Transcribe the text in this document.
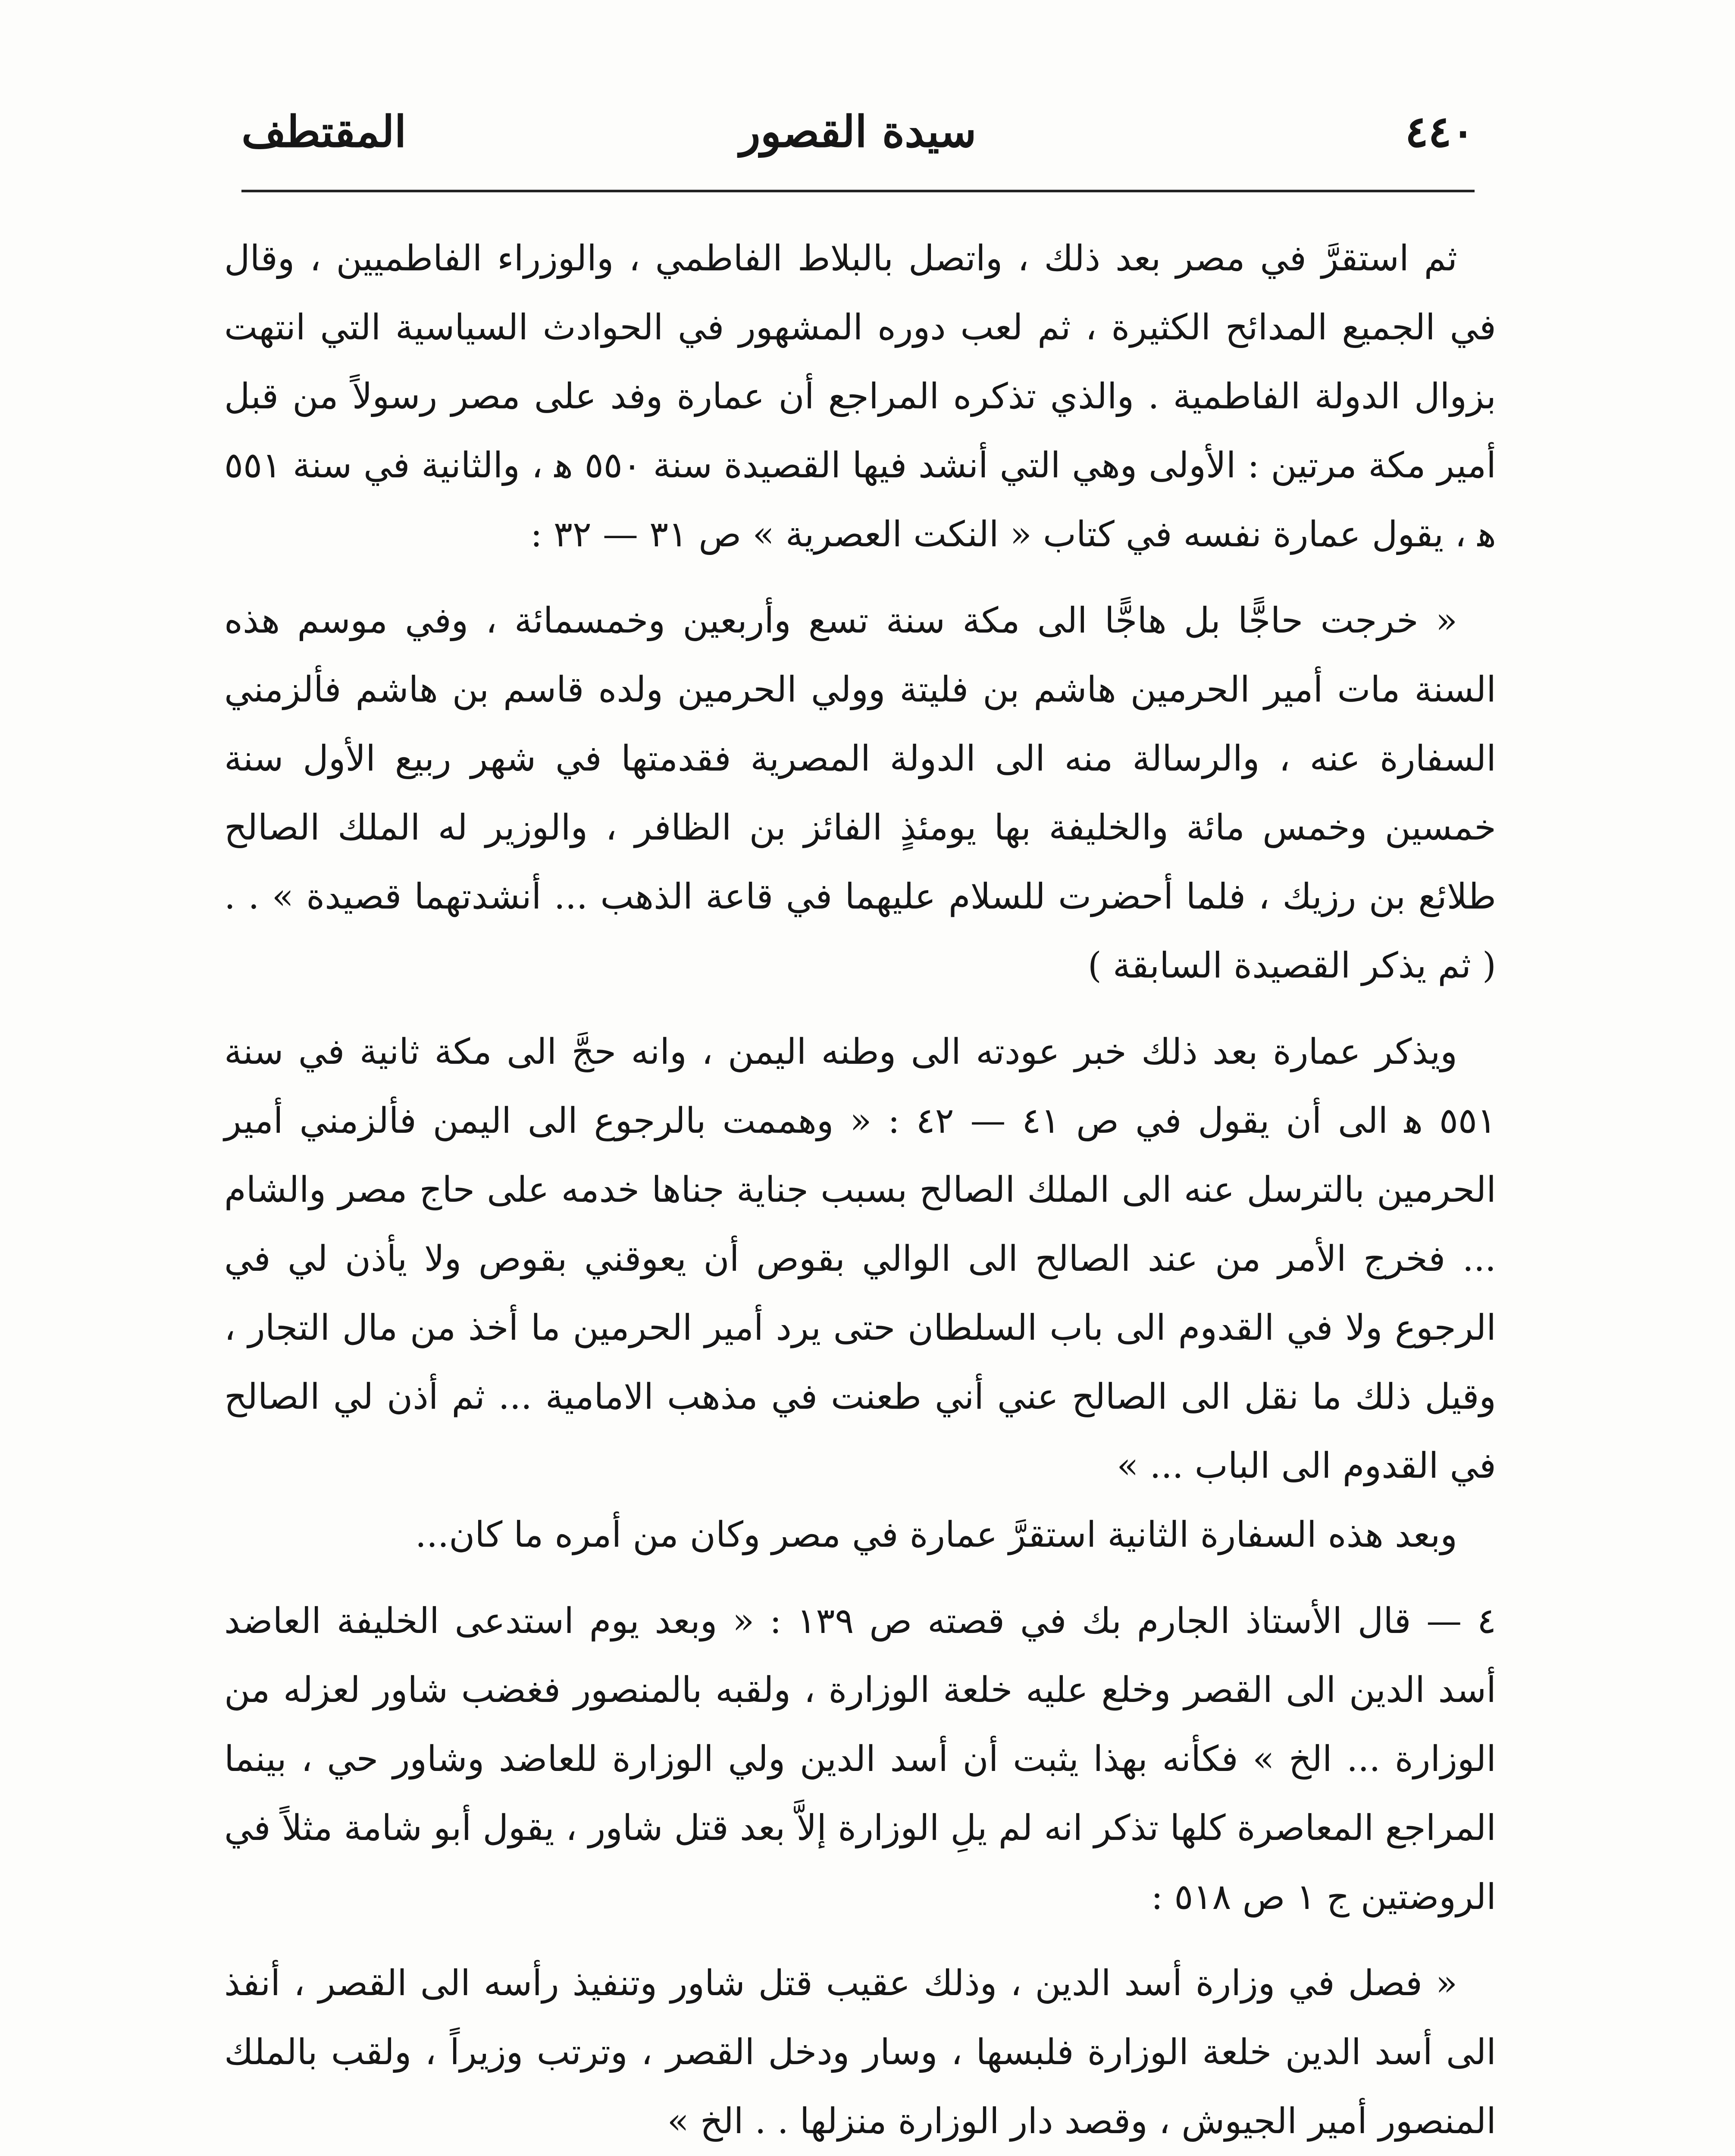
٤٤٠
سيدة القصور
المقتطف

ثم استقرَّ في مصر بعد ذلك ، واتصل بالبلاط الفاطمي ، والوزراء الفاطميين ، وقال في الجميع المدائح الكثيرة ، ثم لعب دوره المشهور في الحوادث السياسية التي انتهت بزوال الدولة الفاطمية . والذي تذكره المراجع أن عمارة وفد على مصر رسولاً من قبل أمير مكة مرتين : الأولى وهي التي أنشد فيها القصيدة سنة ٥٥٠ ﻫ ، والثانية في سنة ٥٥١ ﻫ ، يقول عمارة نفسه في كتاب « النكت العصرية » ص ٣١ — ٣٢ :

« خرجت حاجًّا بل هاجًّا الى مكة سنة تسع وأربعين وخمسمائة ، وفي موسم هذه السنة مات أمير الحرمين هاشم بن فليتة وولي الحرمين ولده قاسم بن هاشم فألزمني السفارة عنه ، والرسالة منه الى الدولة المصرية فقدمتها في شهر ربيع الأول سنة خمسين وخمس مائة والخليفة بها يومئذٍ الفائز بن الظافر ، والوزير له الملك الصالح طلائع بن رزيك ، فلما أحضرت للسلام عليهما في قاعة الذهب ... أنشدتهما قصيدة » . . ( ثم يذكر القصيدة السابقة )

ويذكر عمارة بعد ذلك خبر عودته الى وطنه اليمن ، وانه حجَّ الى مكة ثانية في سنة ٥٥١ ﻫ الى أن يقول في ص ٤١ — ٤٢ : « وهممت بالرجوع الى اليمن فألزمني أمير الحرمين بالترسل عنه الى الملك الصالح بسبب جناية جناها خدمه على حاج مصر والشام ... فخرج الأمر من عند الصالح الى الوالي بقوص أن يعوقني بقوص ولا يأذن لي في الرجوع ولا في القدوم الى باب السلطان حتى يرد أمير الحرمين ما أخذ من مال التجار ، وقيل ذلك ما نقل الى الصالح عني أني طعنت في مذهب الامامية ... ثم أذن لي الصالح في القدوم الى الباب ... »

وبعد هذه السفارة الثانية استقرَّ عمارة في مصر وكان من أمره ما كان...

٤ — قال الأستاذ الجارم بك في قصته ص ١٣٩ : « وبعد يوم استدعى الخليفة العاضد أسد الدين الى القصر وخلع عليه خلعة الوزارة ، ولقبه بالمنصور فغضب شاور لعزله من الوزارة ... الخ » فكأنه بهذا يثبت أن أسد الدين ولي الوزارة للعاضد وشاور حي ، بينما المراجع المعاصرة كلها تذكر انه لم يلِ الوزارة إلاَّ بعد قتل شاور ، يقول أبو شامة مثلاً في الروضتين ج ١ ص ٥١٨ :

« فصل في وزارة أسد الدين ، وذلك عقيب قتل شاور وتنفيذ رأسه الى القصر ، أنفذ الى أسد الدين خلعة الوزارة فلبسها ، وسار ودخل القصر ، وترتب وزيراً ، ولقب بالملك المنصور أمير الجيوش ، وقصد دار الوزارة منزلها . . الخ »
